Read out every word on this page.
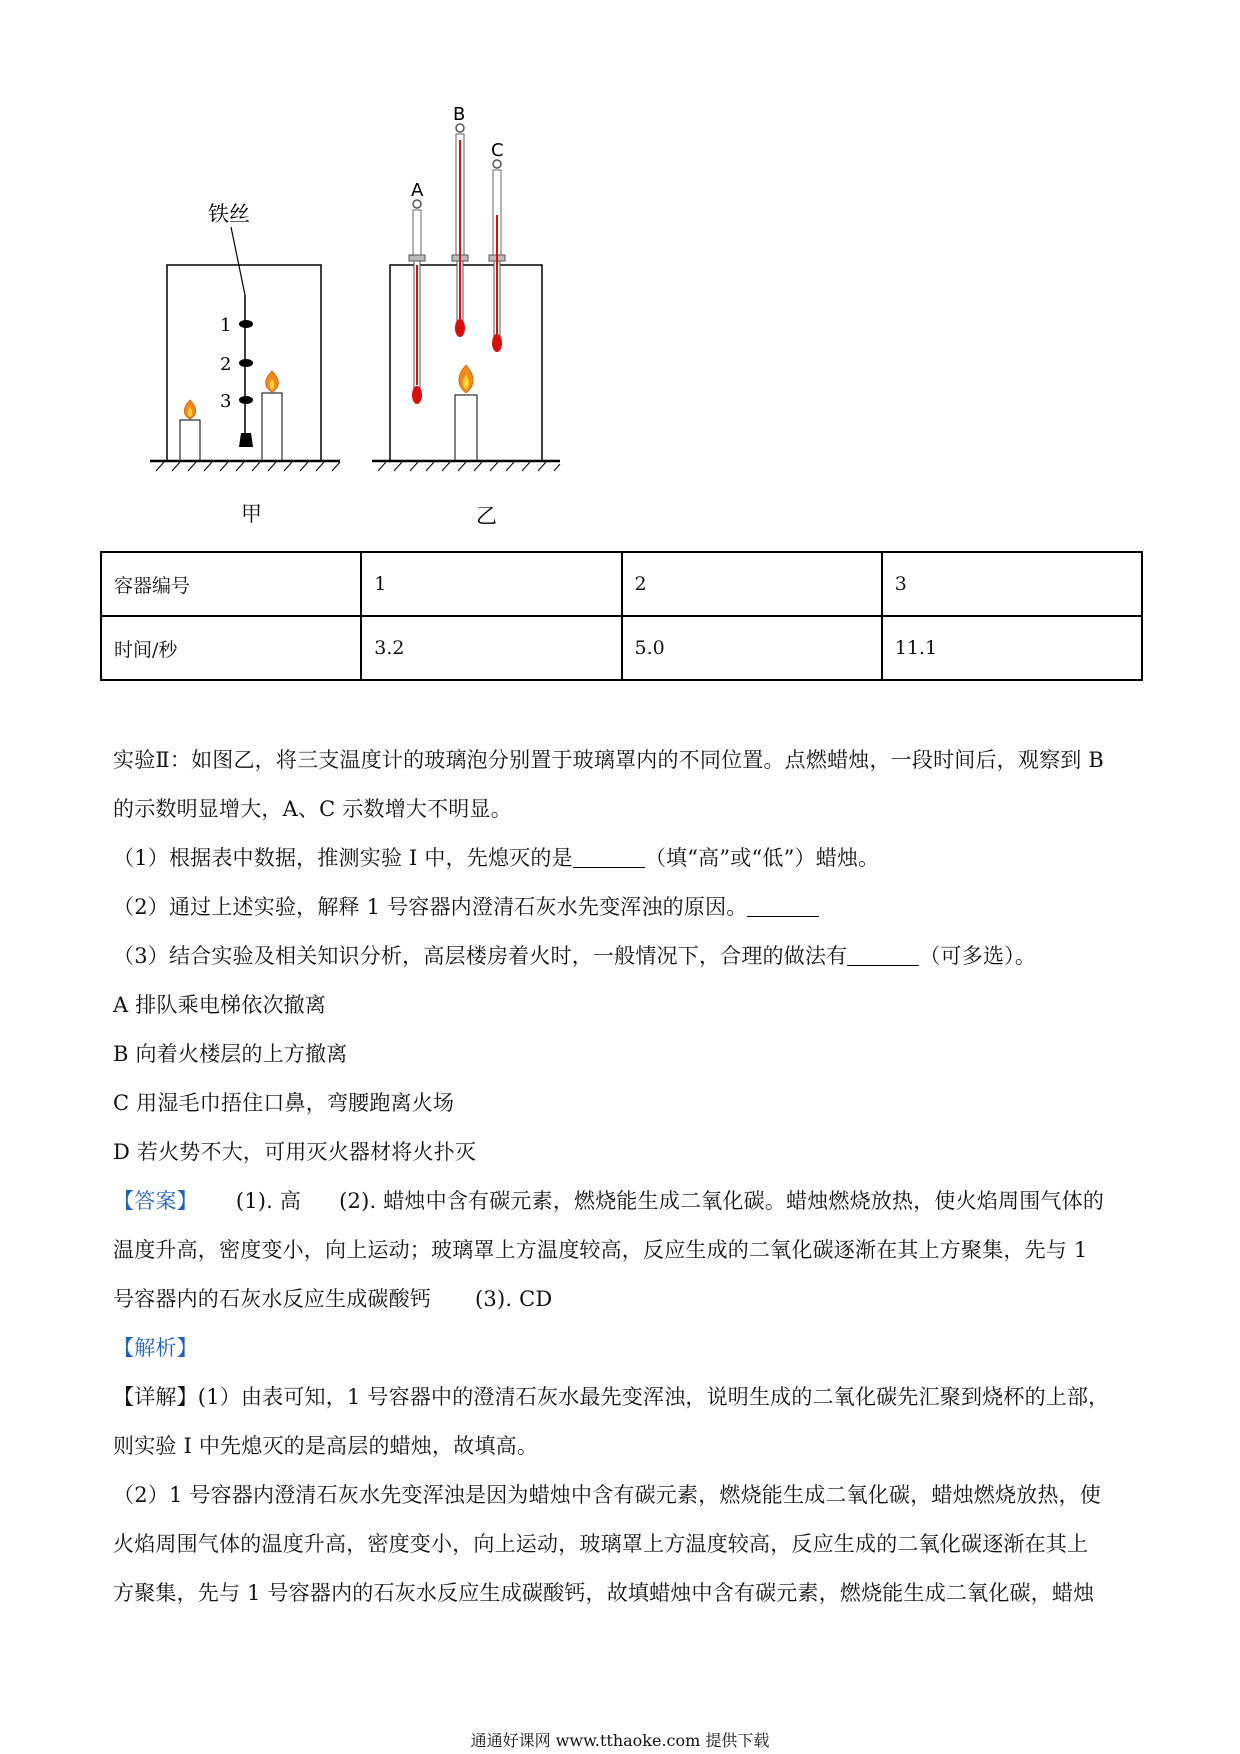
铁丝
1
2
3
甲
A
B
C
乙
容器编号	1	2	3
时间/秒	3.2	5.0	11.1
实验Ⅱ：如图乙，将三支温度计的玻璃泡分别置于玻璃罩内的不同位置。点燃蜡烛，一段时间后，观察到 B
的示数明显增大，A、C 示数增大不明显。
（1）根据表中数据，推测实验 I 中，先熄灭的是	（填“高”或“低”）蜡烛。
（2）通过上述实验，解释 1 号容器内澄清石灰水先变浑浊的原因。
（3）结合实验及相关知识分析，高层楼房着火时，一般情况下，合理的做法有	（可多选）。
A 排队乘电梯依次撤离
B 向着火楼层的上方撤离
C 用湿毛巾捂住口鼻，弯腰跑离火场
D 若火势不大，可用灭火器材将火扑灭
【答案】 (1). 高 (2). 蜡烛中含有碳元素，燃烧能生成二氧化碳。蜡烛燃烧放热，使火焰周围气体的
温度升高，密度变小，向上运动；玻璃罩上方温度较高，反应生成的二氧化碳逐渐在其上方聚集，先与 1
号容器内的石灰水反应生成碳酸钙 (3). CD
【解析】
【详解】(1）由表可知，1 号容器中的澄清石灰水最先变浑浊，说明生成的二氧化碳先汇聚到烧杯的上部，
则实验 I 中先熄灭的是高层的蜡烛，故填高。
（2）1 号容器内澄清石灰水先变浑浊是因为蜡烛中含有碳元素，燃烧能生成二氧化碳，蜡烛燃烧放热，使
火焰周围气体的温度升高，密度变小，向上运动，玻璃罩上方温度较高，反应生成的二氧化碳逐渐在其上
方聚集，先与 1 号容器内的石灰水反应生成碳酸钙，故填蜡烛中含有碳元素，燃烧能生成二氧化碳，蜡烛
通通好课网 www.tthaoke.com 提供下载
